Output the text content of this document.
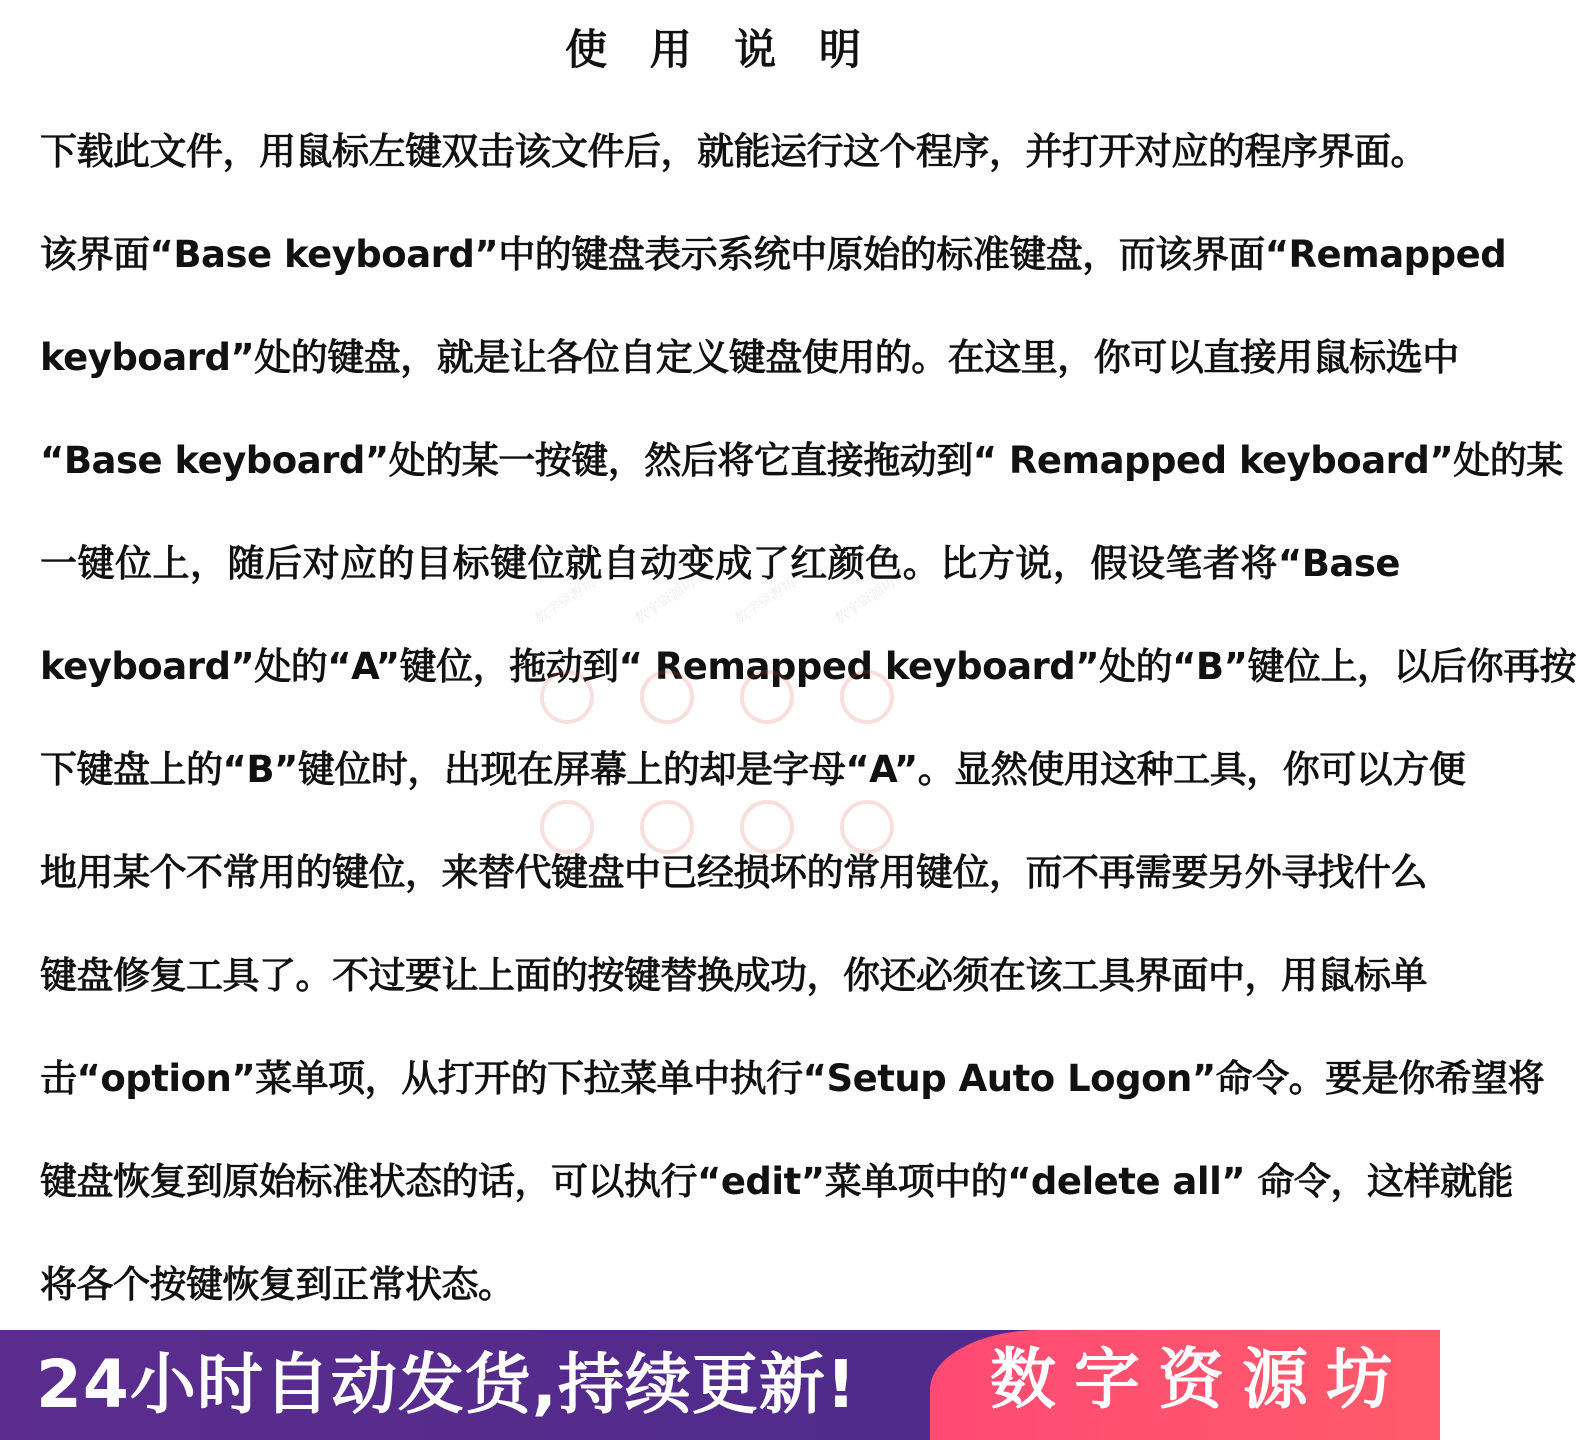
使 用 说 明
下载此文件，用鼠标左键双击该文件后，就能运行这个程序，并打开对应的程序界面。
该界面“Base keyboard”中的键盘表示系统中原始的标准键盘，而该界面“Remapped
keyboard”处的键盘，就是让各位自定义键盘使用的。在这里，你可以直接用鼠标选中
“Base keyboard”处的某一按键，然后将它直接拖动到“ Remapped keyboard”处的某
一键位上，随后对应的目标键位就自动变成了红颜色。比方说，假设笔者将“Base
keyboard”处的“A”键位，拖动到“ Remapped keyboard”处的“B”键位上，以后你再按
下键盘上的“B”键位时，出现在屏幕上的却是字母“A”。显然使用这种工具，你可以方便
地用某个不常用的键位，来替代键盘中已经损坏的常用键位，而不再需要另外寻找什么
键盘修复工具了。不过要让上面的按键替换成功，你还必须在该工具界面中，用鼠标单
击“option”菜单项，从打开的下拉菜单中执行“Setup Auto Logon”命令。要是你希望将
键盘恢复到原始标准状态的话，可以执行“edit”菜单项中的“delete all” 命令，这样就能
将各个按键恢复到正常状态。
数字资源坊 数字资源坊 数字资源坊 数字资源坊
24小时自动发货,持续更新! 数字资源坊
